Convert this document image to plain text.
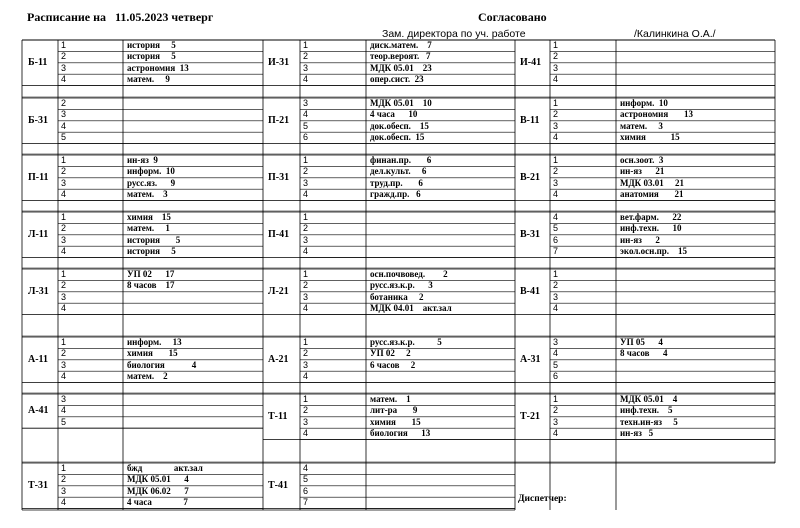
Расписание на   11.05.2023 четверг	Согласовано
Зам. директора по уч. работе	/Калинкина О.А./
Б-11
1	история     5
2	история     5
3	астрономия  13
4	матем.     9
Б-31
2
3
4
5
П-11
1	ин-яз  9
2	информ.  10
3	русс.яз.      9
4	матем.    3
Л-11
1	химия    15
2	матем.     1
3	история       5
4	история     5
Л-31
1	УП 02      17
2	8 часов    17
3
4
А-11
1	информ.     13
2	химия       15
3	биология            4
4	матем.    2
А-41
3
4
5
Т-31
1	бжд              акт.зал
2	МДК 05.01      4
3	МДК 06.02      7
4	4 часа              7
И-31
1	диск.матем.    7
2	теор.вероят.   7
3	МДК 05.01    23
4	опер.сист.  23
П-21
3	МДК 05.01    10
4	4 часа      10
5	док.обесп.    15
6	док.обесп.  15
П-31
1	финан.пр.       6
2	дел.культ.     6
3	труд.пр.       6
4	гражд.пр.   6
П-41
1
2
3
4
Л-21
1	осн.почвовед.        2
2	русс.яз.к.р.      3
3	ботаника     2
4	МДК 04.01    акт.зал
А-21
1	русс.яз.к.р.          5
2	УП 02     2
3	6 часов     2
4
Т-11
1	матем.    1
2	лит-ра       9
3	химия       15
4	биология      13
Т-41
4
5
6
7
И-41
1
2
3
4
В-11
1	информ.  10
2	астрономия       13
3	матем.     3
4	химия           15
В-21
1	осн.зоот.  3
2	ин-яз      21
3	МДК 03.01     21
4	анатомия       21
В-31
4	вет.фарм.      22
5	инф.техн.      10
6	ин-яз      2
7	экол.осн.пр.    15
В-41
1
2
3
4
А-31
3	УП 05      4
4	8 часов      4
5
6
Т-21
1	МДК 05.01    4
2	инф.техн.    5
3	техн.ин-яз     5
4	ин-яз   5
Диспетчер:
